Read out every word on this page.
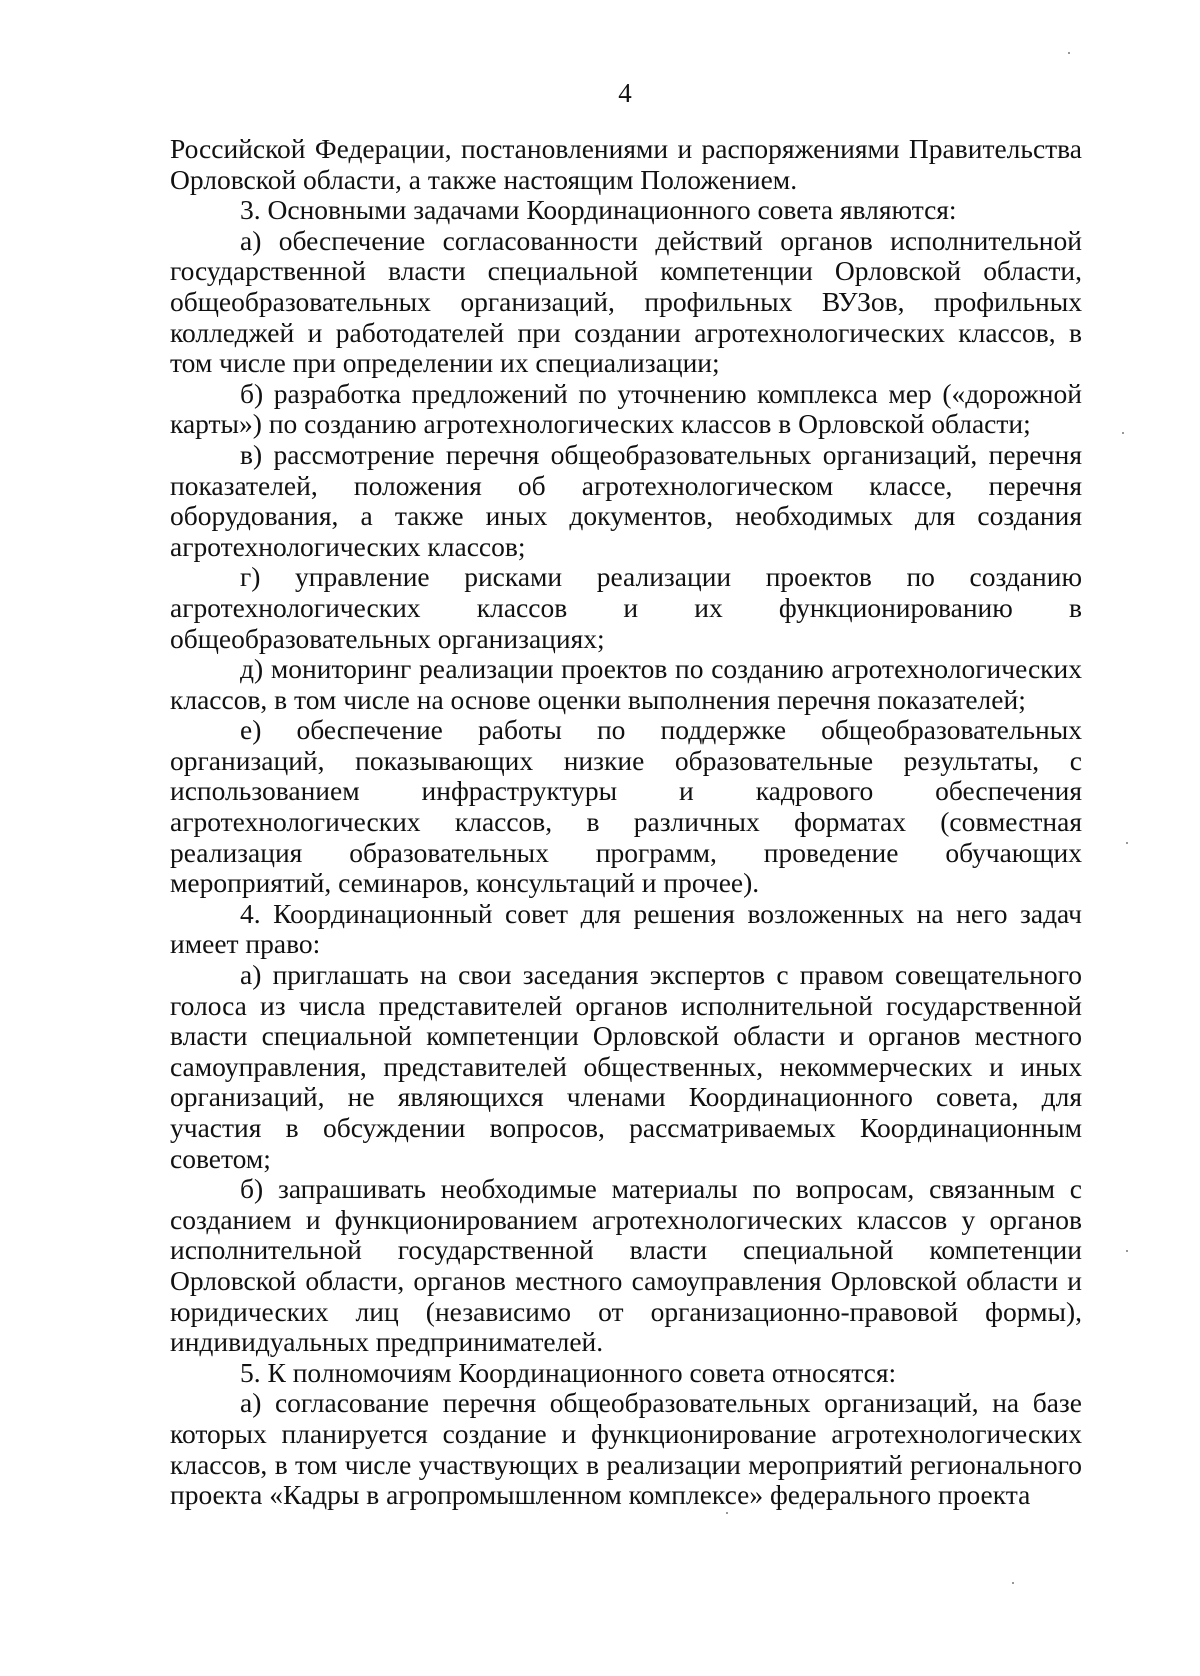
4

Российской Федерации, постановлениями и распоряжениями Правительства Орловской области, а также настоящим Положением.

3. Основными задачами Координационного совета являются:

а) обеспечение согласованности действий органов исполнительной государственной власти специальной компетенции Орловской области, общеобразовательных организаций, профильных ВУЗов, профильных колледжей и работодателей при создании агротехнологических классов, в том числе при определении их специализации;

б) разработка предложений по уточнению комплекса мер («дорожной карты») по созданию агротехнологических классов в Орловской области;

в) рассмотрение перечня общеобразовательных организаций, перечня показателей, положения об агротехнологическом классе, перечня оборудования, а также иных документов, необходимых для создания агротехнологических классов;

г) управление рисками реализации проектов по созданию агротехнологических классов и их функционированию в общеобразовательных организациях;

д) мониторинг реализации проектов по созданию агротехнологических классов, в том числе на основе оценки выполнения перечня показателей;

е) обеспечение работы по поддержке общеобразовательных организаций, показывающих низкие образовательные результаты, с использованием инфраструктуры и кадрового обеспечения агротехнологических классов, в различных форматах (совместная реализация образовательных программ, проведение обучающих мероприятий, семинаров, консультаций и прочее).

4. Координационный совет для решения возложенных на него задач имеет право:

а) приглашать на свои заседания экспертов с правом совещательного голоса из числа представителей органов исполнительной государственной власти специальной компетенции Орловской области и органов местного самоуправления, представителей общественных, некоммерческих и иных организаций, не являющихся членами Координационного совета, для участия в обсуждении вопросов, рассматриваемых Координационным советом;

б) запрашивать необходимые материалы по вопросам, связанным с созданием и функционированием агротехнологических классов у органов исполнительной государственной власти специальной компетенции Орловской области, органов местного самоуправления Орловской области и юридических лиц (независимо от организационно-правовой формы), индивидуальных предпринимателей.

5. К полномочиям Координационного совета относятся:

а) согласование перечня общеобразовательных организаций, на базе которых планируется создание и функционирование агротехнологических классов, в том числе участвующих в реализации мероприятий регионального проекта «Кадры в агропромышленном комплексе» федерального проекта
